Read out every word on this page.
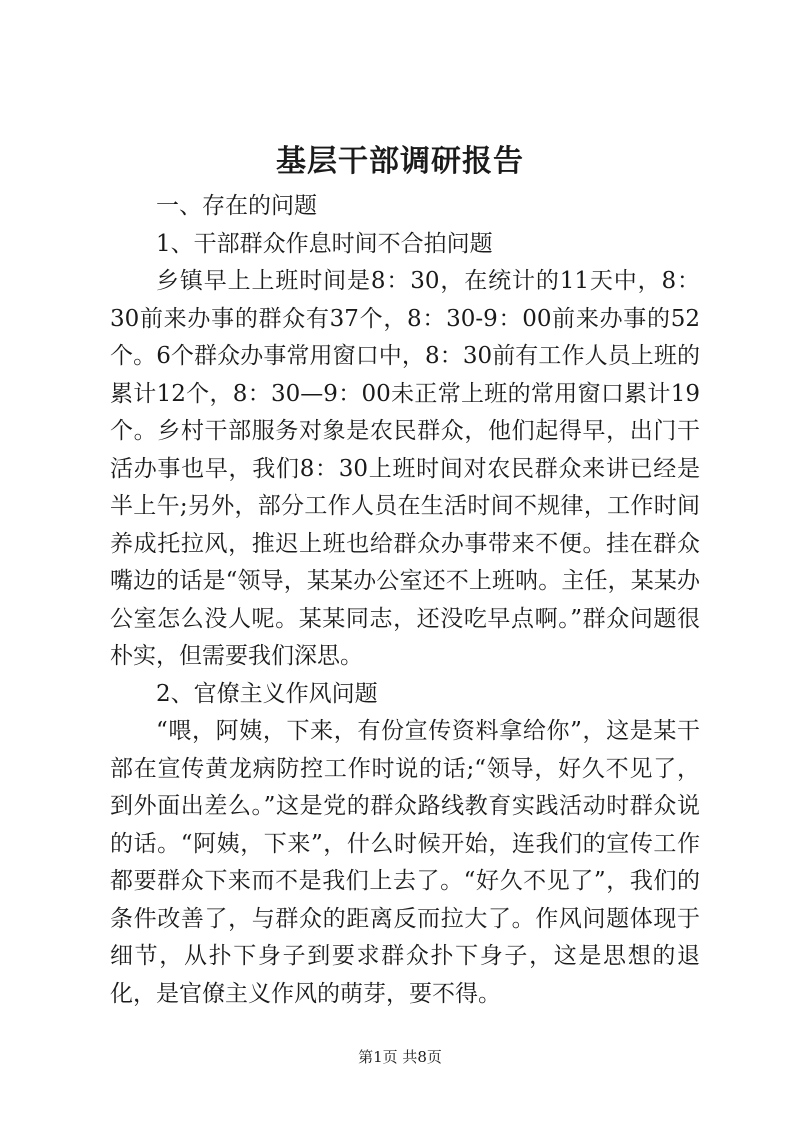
基层干部调研报告

一、存在的问题

1、干部群众作息时间不合拍问题

乡镇早上上班时间是8：30，在统计的11天中，8：30前来办事的群众有37个，8：30-9：00前来办事的52个。6个群众办事常用窗口中，8：30前有工作人员上班的累计12个，8：30—9：00未正常上班的常用窗口累计19个。乡村干部服务对象是农民群众，他们起得早，出门干活办事也早，我们8：30上班时间对农民群众来讲已经是半上午;另外，部分工作人员在生活时间不规律，工作时间养成托拉风，推迟上班也给群众办事带来不便。挂在群众嘴边的话是“领导，某某办公室还不上班呐。主任，某某办公室怎么没人呢。某某同志，还没吃早点啊。”群众问题很朴实，但需要我们深思。

2、官僚主义作风问题

“喂，阿姨，下来，有份宣传资料拿给你”，这是某干部在宣传黄龙病防控工作时说的话;“领导，好久不见了，到外面出差么。”这是党的群众路线教育实践活动时群众说的话。“阿姨，下来”，什么时候开始，连我们的宣传工作都要群众下来而不是我们上去了。“好久不见了”，我们的条件改善了，与群众的距离反而拉大了。作风问题体现于细节，从扑下身子到要求群众扑下身子，这是思想的退化，是官僚主义作风的萌芽，要不得。

第1页 共8页
